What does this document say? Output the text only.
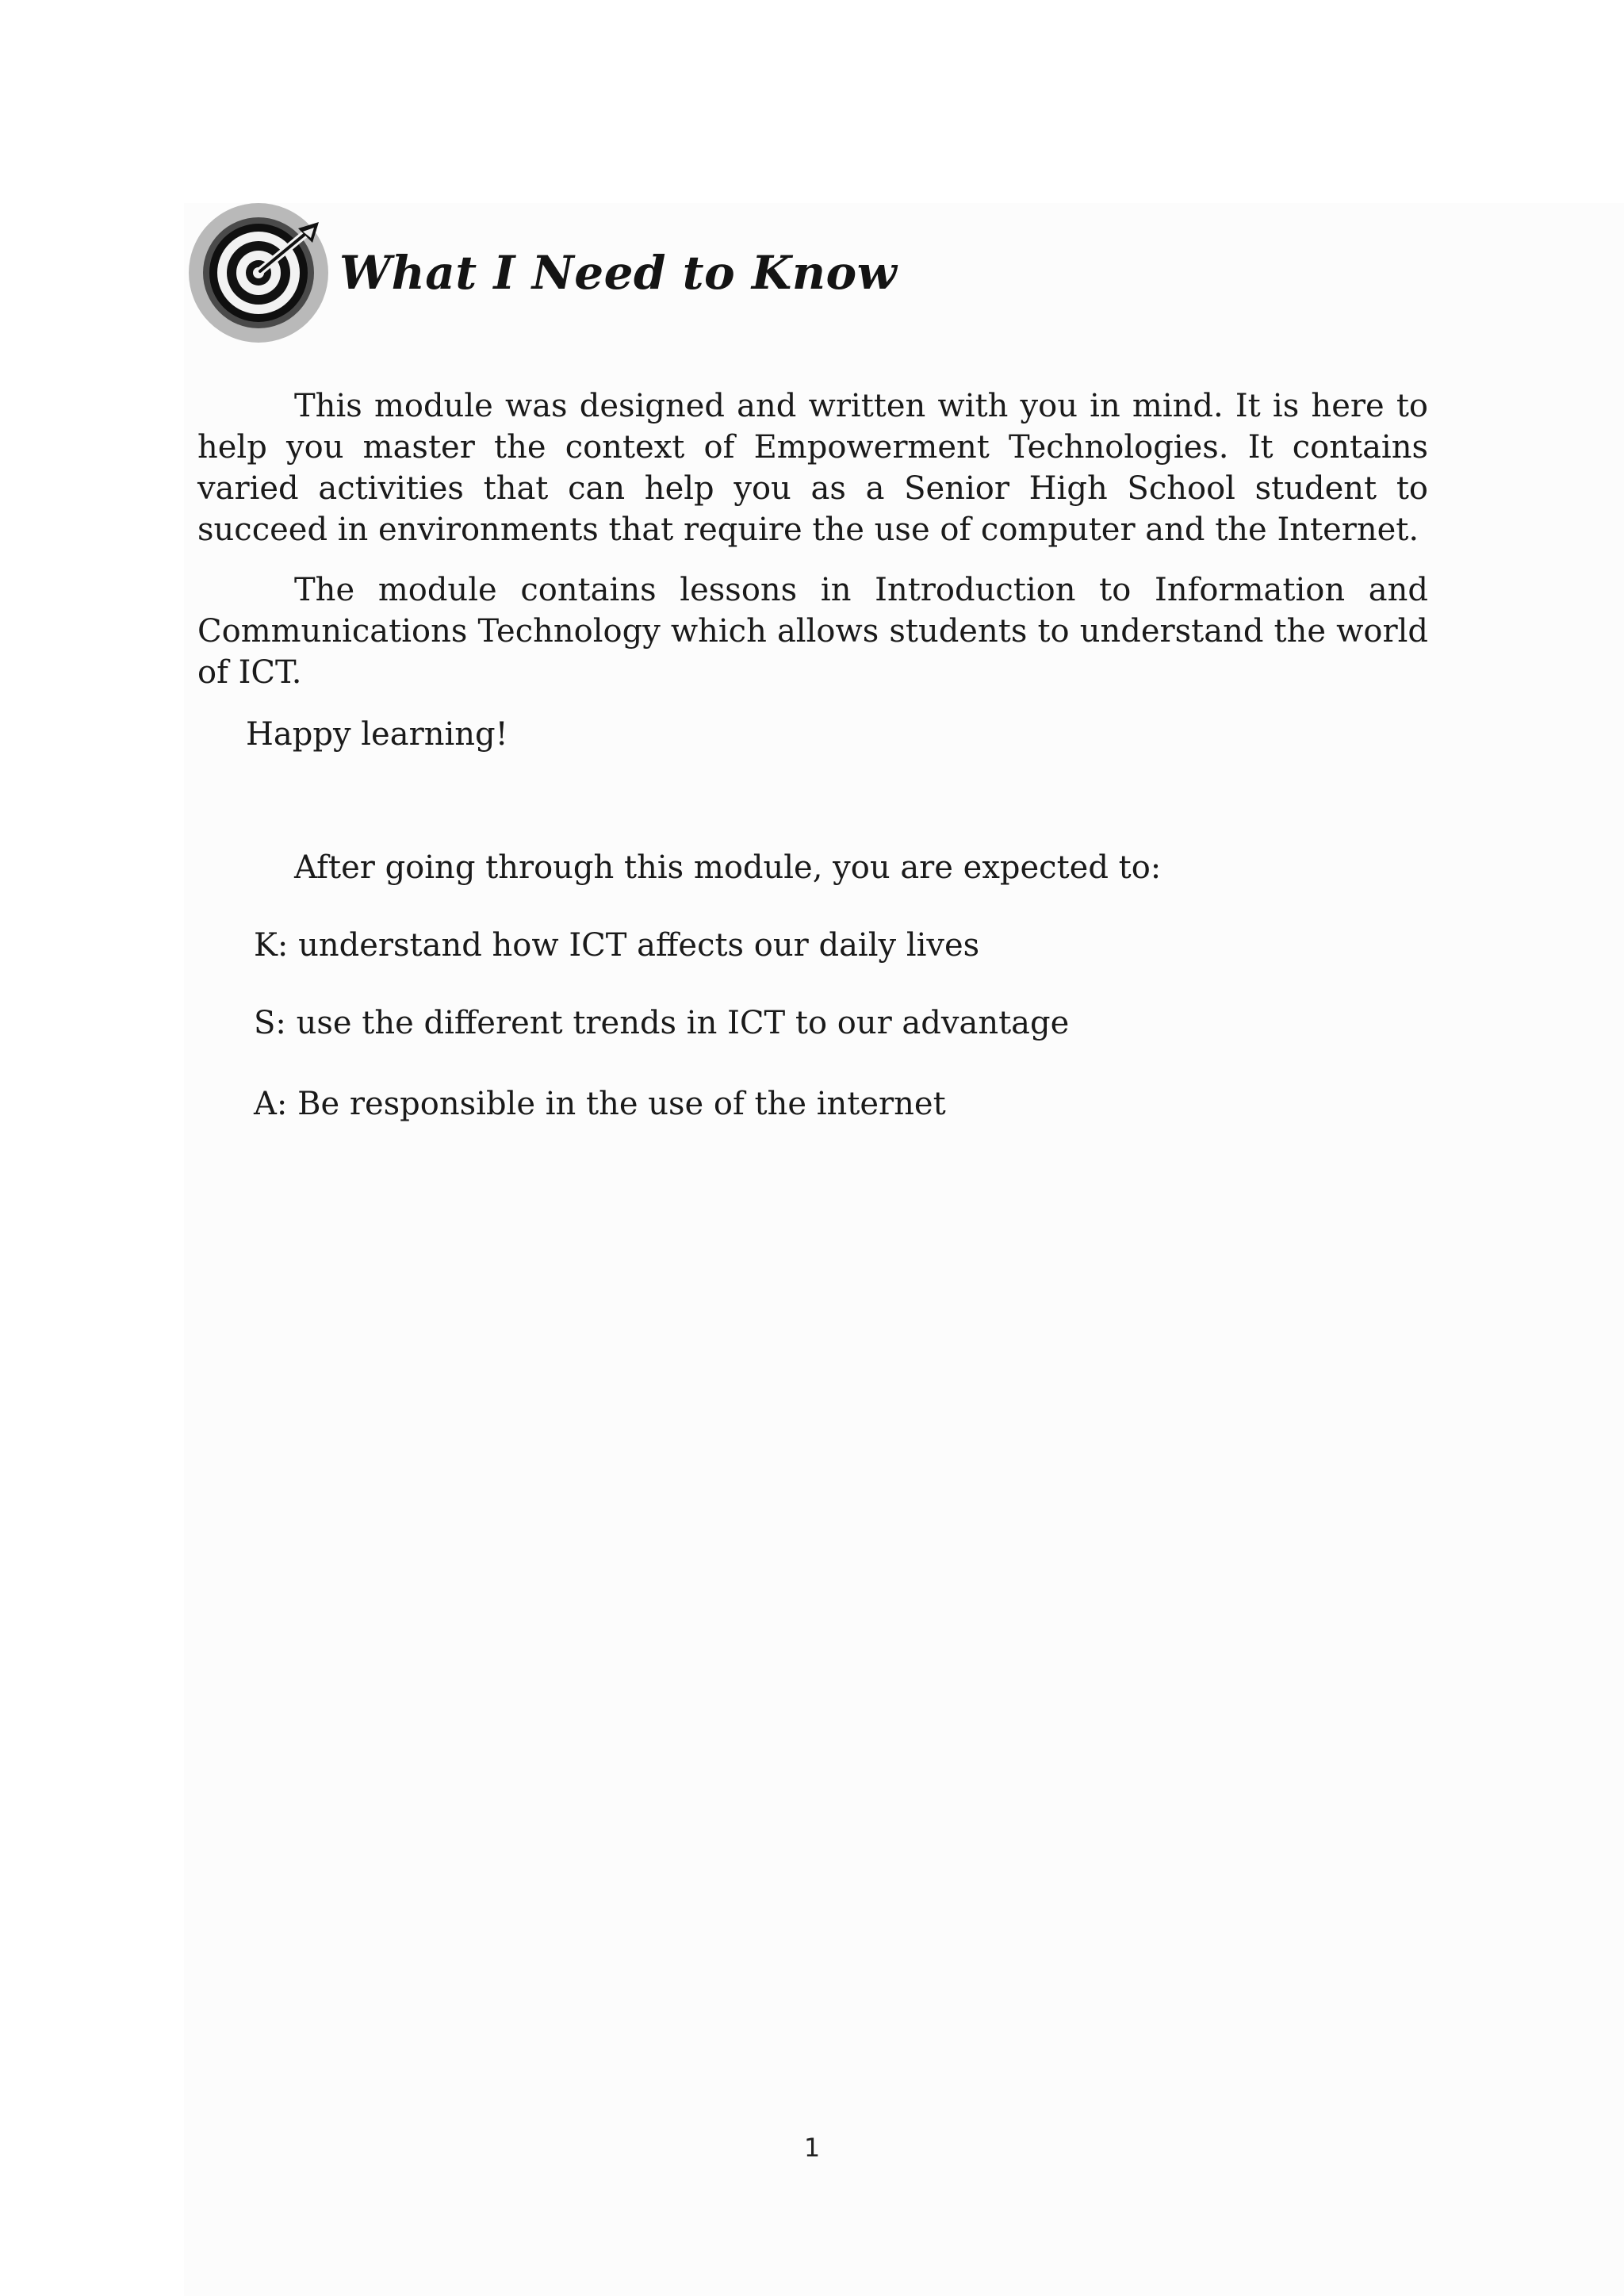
What I Need to Know

This module was designed and written with you in mind. It is here to help you master the context of Empowerment Technologies. It contains varied activities that can help you as a Senior High School student to succeed in environments that require the use of computer and the Internet.

The module contains lessons in Introduction to Information and Communications Technology which allows students to understand the world of ICT.

Happy learning!

After going through this module, you are expected to:

K: understand how ICT affects our daily lives
S: use the different trends in ICT to our advantage
A: Be responsible in the use of the internet
1
